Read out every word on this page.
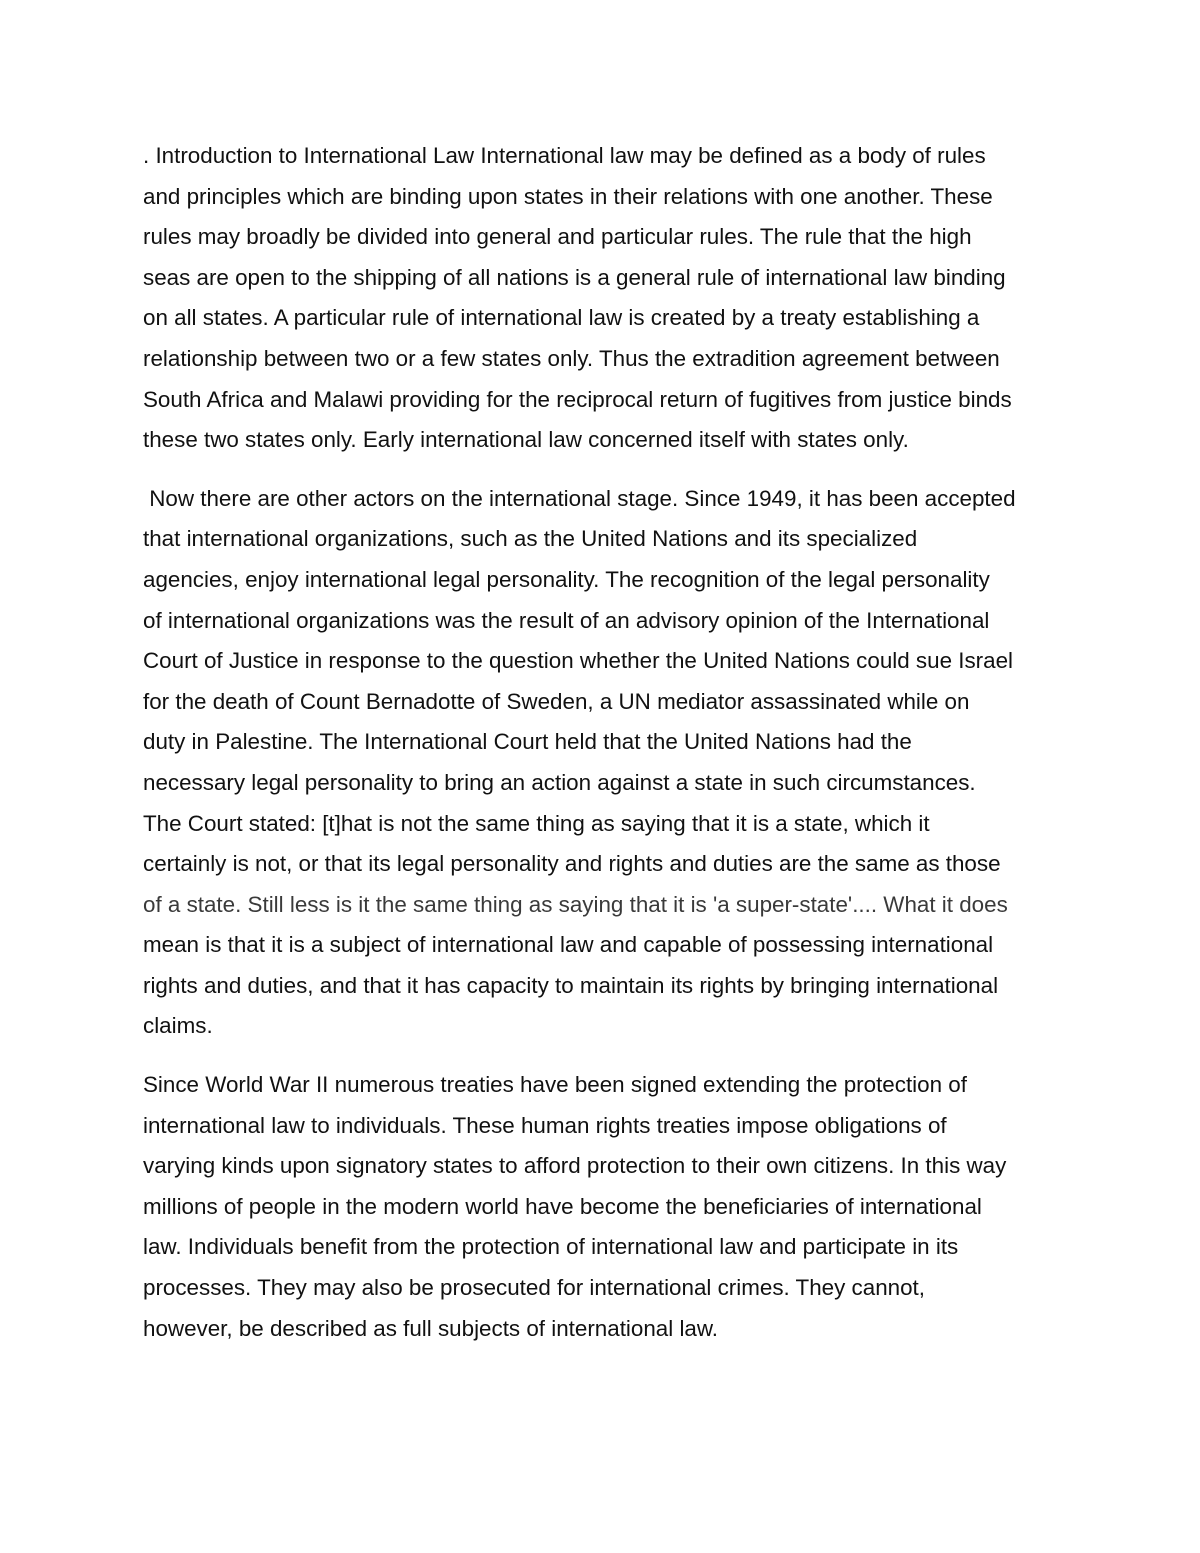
. Introduction to International Law International law may be defined as a body of rules
and principles which are binding upon states in their relations with one another. These
rules may broadly be divided into general and particular rules. The rule that the high
seas are open to the shipping of all nations is a general rule of international law binding
on all states. A particular rule of international law is created by a treaty establishing a
relationship between two or a few states only. Thus the extradition agreement between
South Africa and Malawi providing for the reciprocal return of fugitives from justice binds
these two states only. Early international law concerned itself with states only.

Now there are other actors on the international stage. Since 1949, it has been accepted
that international organizations, such as the United Nations and its specialized
agencies, enjoy international legal personality. The recognition of the legal personality
of international organizations was the result of an advisory opinion of the International
Court of Justice in response to the question whether the United Nations could sue Israel
for the death of Count Bernadotte of Sweden, a UN mediator assassinated while on
duty in Palestine. The International Court held that the United Nations had the
necessary legal personality to bring an action against a state in such circumstances.
The Court stated: [t]hat is not the same thing as saying that it is a state, which it
certainly is not, or that its legal personality and rights and duties are the same as those
of a state. Still less is it the same thing as saying that it is 'a super-state'.... What it does
mean is that it is a subject of international law and capable of possessing international
rights and duties, and that it has capacity to maintain its rights by bringing international
claims.

Since World War II numerous treaties have been signed extending the protection of
international law to individuals. These human rights treaties impose obligations of
varying kinds upon signatory states to afford protection to their own citizens. In this way
millions of people in the modern world have become the beneficiaries of international
law. Individuals benefit from the protection of international law and participate in its
processes. They may also be prosecuted for international crimes. They cannot,
however, be described as full subjects of international law.
